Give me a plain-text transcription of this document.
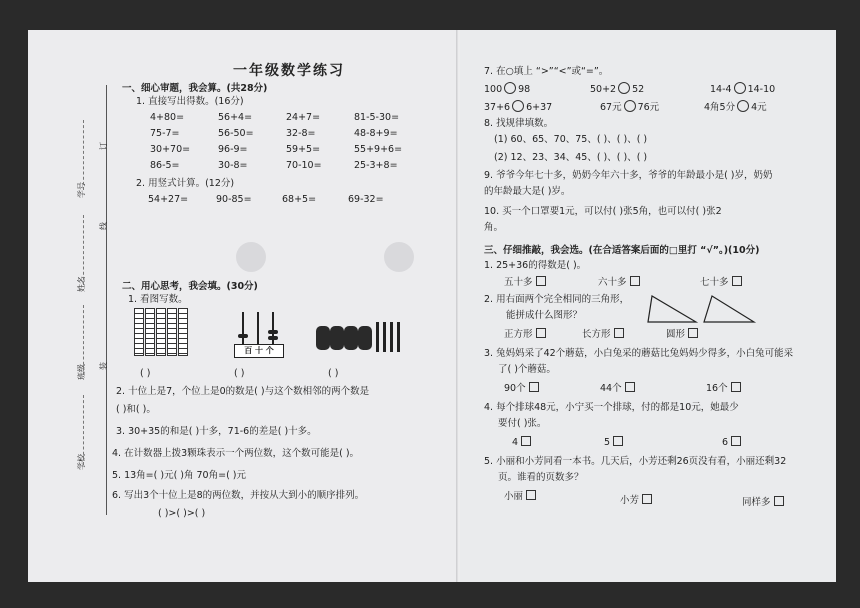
订
装
线
学号
姓名
班级
学校
一年级数学练习
一、细心审题，我会算。(共28分)
1. 直接写出得数。(16分)
4+80=	56+4=	24+7=	81-5-30=
75-7=	56-50=	32-8=	48-8+9=
30+70=	96-9=	59+5=	55+9+6=
86-5=	30-8=	70-10=	25-3+8=
2. 用竖式计算。(12分)
54+27=	90-85=	68+5=	69-32=
二、用心思考，我会填。(30分)
1. 看图写数。
百 十 个
( )	( )	( )
2. 十位上是7，个位上是0的数是( )与这个数相邻的两个数是
( )和( )。
3. 30+35的和是( )十多，71-6的差是( )十多。
4. 在计数器上拨3颗珠表示一个两位数，这个数可能是( )。
5. 13角=( )元( )角 70角=( )元
6. 写出3个十位上是8的两位数，并按从大到小的顺序排列。
( )>( )>( )
7. 在○填上 “>”“<”或“=”。
100 98	50+2 52	14-4 14-10
37+6 6+37	67元 76元	4角5分 4元
8. 找规律填数。
(1) 60、65、70、75、( )、( )、( )
(2) 12、23、34、45、( )、( )、( )
9. 爷爷今年七十多，奶奶今年六十多，爷爷的年龄最小是( )岁，奶奶
的年龄最大是( )岁。
10. 买一个口罩要1元，可以付( )张5角，也可以付( )张2
角。
三、仔细推敲，我会选。(在合适答案后面的□里打 “√”。)(10分)
1. 25+36的得数是( )。
五十多	六十多	七十多
2. 用右面两个完全相同的三角形，
能拼成什么图形？
正方形	长方形	圆形
3. 兔妈妈采了42个蘑菇，小白兔采的蘑菇比兔妈妈少得多，小白兔可能采
了( )个蘑菇。
90个	44个	16个
4. 每个排球48元，小宁买一个排球，付的都是10元，她最少
要付( )张。
4	5	6
5. 小丽和小芳同看一本书。几天后，小芳还剩26页没有看，小丽还剩32
页。谁看的页数多？
小丽	小芳	同样多
